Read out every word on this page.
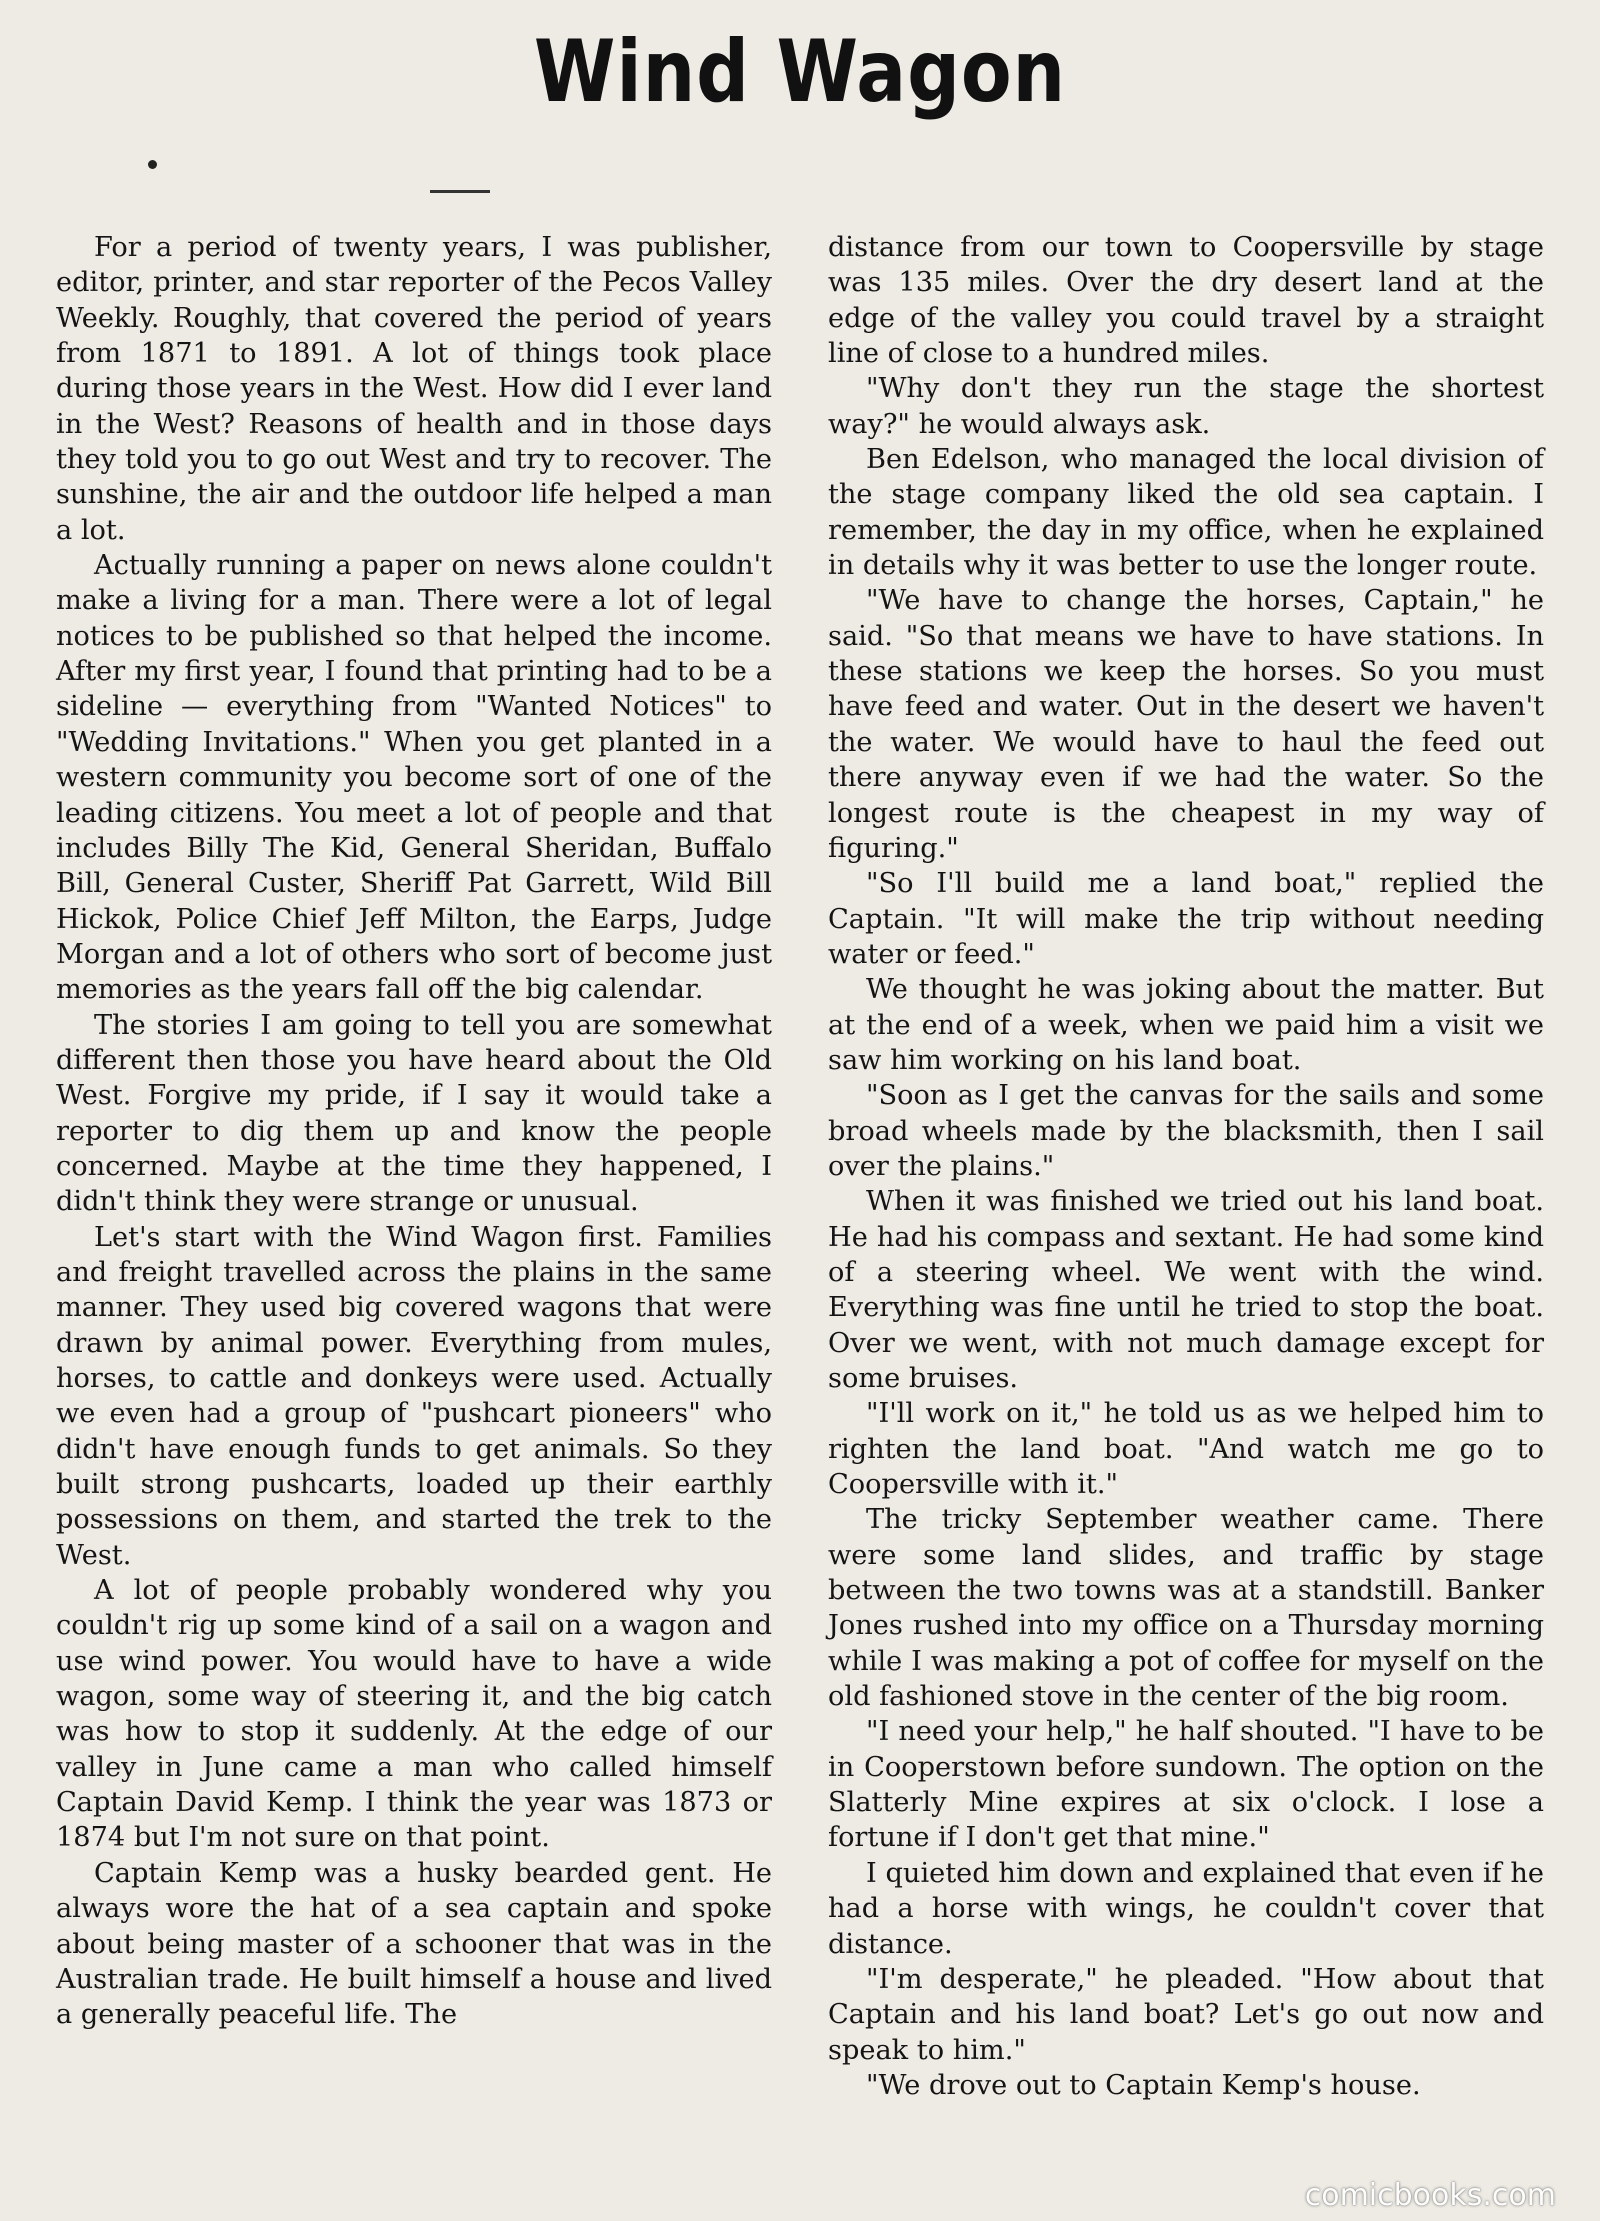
Wind Wagon

For a period of twenty years, I was publisher, editor, printer, and star reporter of the Pecos Valley Weekly. Roughly, that covered the period of years from 1871 to 1891. A lot of things took place during those years in the West. How did I ever land in the West? Reasons of health and in those days they told you to go out West and try to recover. The sunshine, the air and the outdoor life helped a man a lot.

Actually running a paper on news alone couldn't make a living for a man. There were a lot of legal notices to be published so that helped the income. After my first year, I found that printing had to be a sideline — everything from "Wanted Notices" to "Wedding Invitations." When you get planted in a western community you become sort of one of the leading citizens. You meet a lot of people and that includes Billy The Kid, General Sheridan, Buffalo Bill, General Custer, Sheriff Pat Garrett, Wild Bill Hickok, Police Chief Jeff Milton, the Earps, Judge Morgan and a lot of others who sort of become just memories as the years fall off the big calendar.

The stories I am going to tell you are somewhat different then those you have heard about the Old West. Forgive my pride, if I say it would take a reporter to dig them up and know the people concerned. Maybe at the time they happened, I didn't think they were strange or unusual.

Let's start with the Wind Wagon first. Families and freight travelled across the plains in the same manner. They used big covered wagons that were drawn by animal power. Everything from mules, horses, to cattle and donkeys were used. Actually we even had a group of "pushcart pioneers" who didn't have enough funds to get animals. So they built strong pushcarts, loaded up their earthly possessions on them, and started the trek to the West.

A lot of people probably wondered why you couldn't rig up some kind of a sail on a wagon and use wind power. You would have to have a wide wagon, some way of steering it, and the big catch was how to stop it suddenly. At the edge of our valley in June came a man who called himself Captain David Kemp. I think the year was 1873 or 1874 but I'm not sure on that point.

Captain Kemp was a husky bearded gent. He always wore the hat of a sea captain and spoke about being master of a schooner that was in the Australian trade. He built himself a house and lived a generally peaceful life. The

distance from our town to Coopersville by stage was 135 miles. Over the dry desert land at the edge of the valley you could travel by a straight line of close to a hundred miles.

"Why don't they run the stage the shortest way?" he would always ask.

Ben Edelson, who managed the local division of the stage company liked the old sea captain. I remember, the day in my office, when he explained in details why it was better to use the longer route.

"We have to change the horses, Captain," he said. "So that means we have to have stations. In these stations we keep the horses. So you must have feed and water. Out in the desert we haven't the water. We would have to haul the feed out there anyway even if we had the water. So the longest route is the cheapest in my way of figuring."

"So I'll build me a land boat," replied the Captain. "It will make the trip without needing water or feed."

We thought he was joking about the matter. But at the end of a week, when we paid him a visit we saw him working on his land boat.

"Soon as I get the canvas for the sails and some broad wheels made by the blacksmith, then I sail over the plains."

When it was finished we tried out his land boat. He had his compass and sextant. He had some kind of a steering wheel. We went with the wind. Everything was fine until he tried to stop the boat. Over we went, with not much damage except for some bruises.

"I'll work on it," he told us as we helped him to righten the land boat. "And watch me go to Coopersville with it."

The tricky September weather came. There were some land slides, and traffic by stage between the two towns was at a standstill. Banker Jones rushed into my office on a Thursday morning while I was making a pot of coffee for myself on the old fashioned stove in the center of the big room.

"I need your help," he half shouted. "I have to be in Cooperstown before sundown. The option on the Slatterly Mine expires at six o'clock. I lose a fortune if I don't get that mine."

I quieted him down and explained that even if he had a horse with wings, he couldn't cover that distance.

"I'm desperate," he pleaded. "How about that Captain and his land boat? Let's go out now and speak to him."

"We drove out to Captain Kemp's house.

comicbooks.com
